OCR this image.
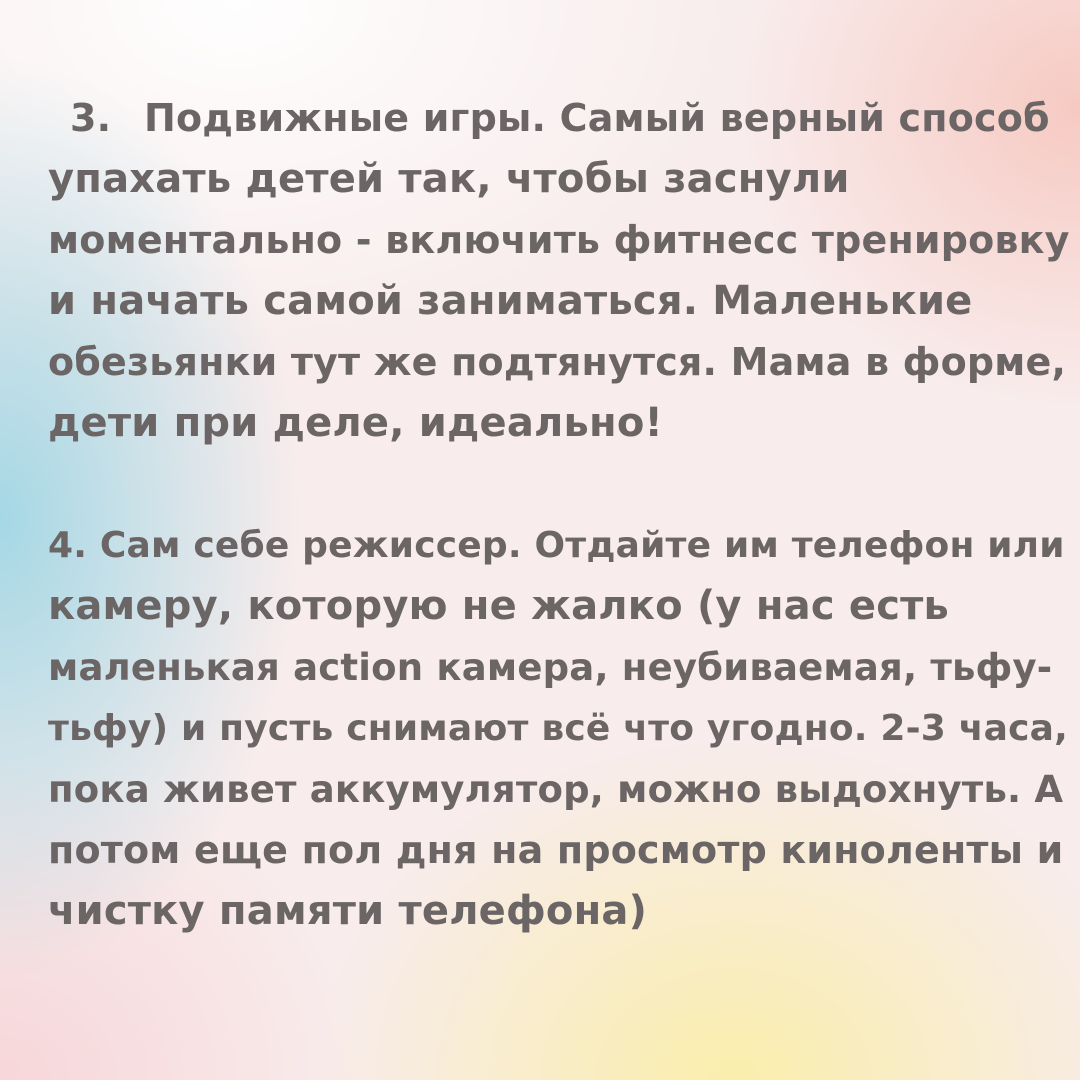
3. Подвижные игры. Самый верный способ
упахать детей так, чтобы заснули
моментально - включить фитнесс тренировку
и начать самой заниматься. Маленькие
обезьянки тут же подтянутся. Мама в форме,
дети при деле, идеально!
4. Сам себе режиссер. Отдайте им телефон или
камеру, которую не жалко (у нас есть
маленькая action камера, неубиваемая, тьфу-
тьфу) и пусть снимают всё что угодно. 2-3 часа,
пока живет аккумулятор, можно выдохнуть. А
потом еще пол дня на просмотр киноленты и
чистку памяти телефона)
